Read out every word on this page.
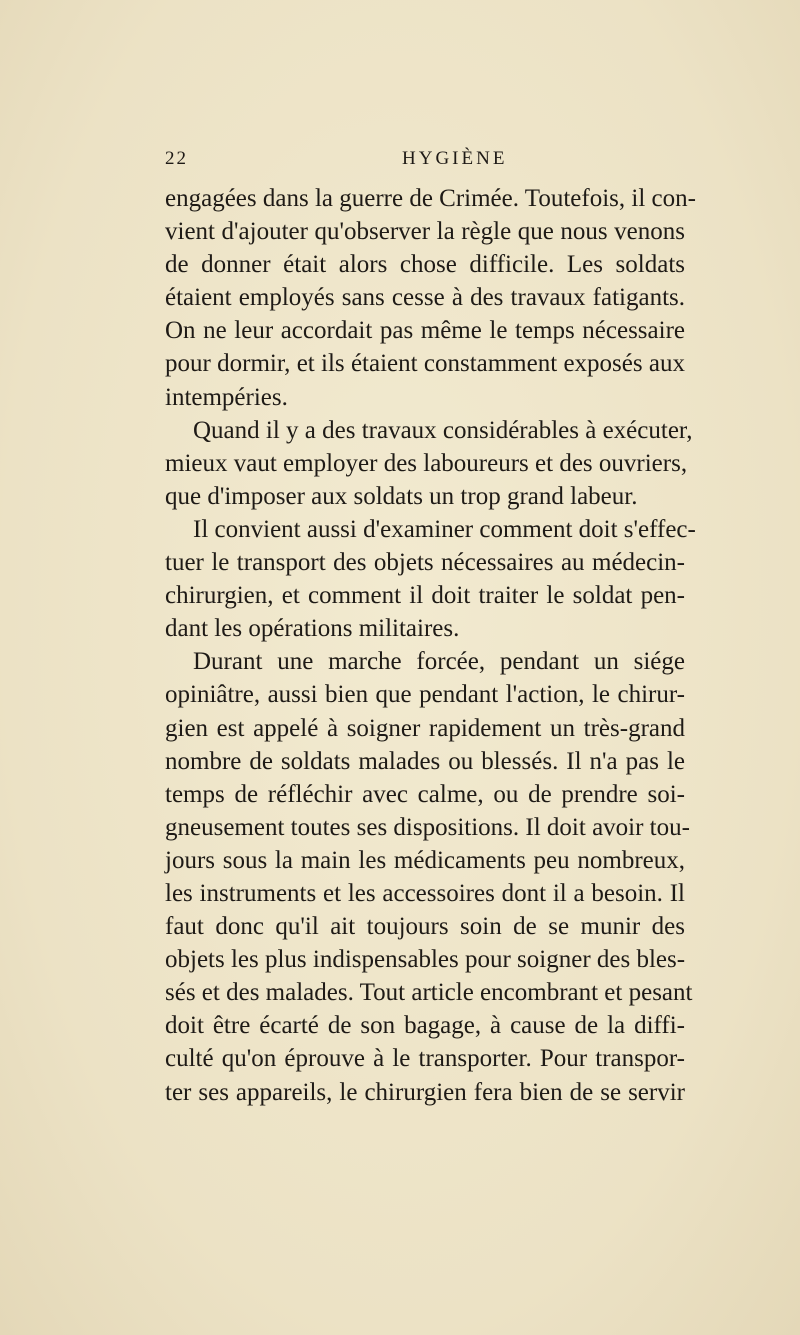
22	HYGIÈNE
engagées dans la guerre de Crimée. Toutefois, il con-
vient d'ajouter qu'observer la règle que nous venons
de donner était alors chose difficile. Les soldats
étaient employés sans cesse à des travaux fatigants.
On ne leur accordait pas même le temps nécessaire
pour dormir, et ils étaient constamment exposés aux
intempéries.
Quand il y a des travaux considérables à exécuter,
mieux vaut employer des laboureurs et des ouvriers,
que d'imposer aux soldats un trop grand labeur.
Il convient aussi d'examiner comment doit s'effec-
tuer le transport des objets nécessaires au médecin-
chirurgien, et comment il doit traiter le soldat pen-
dant les opérations militaires.
Durant une marche forcée, pendant un siége
opiniâtre, aussi bien que pendant l'action, le chirur-
gien est appelé à soigner rapidement un très-grand
nombre de soldats malades ou blessés. Il n'a pas le
temps de réfléchir avec calme, ou de prendre soi-
gneusement toutes ses dispositions. Il doit avoir tou-
jours sous la main les médicaments peu nombreux,
les instruments et les accessoires dont il a besoin. Il
faut donc qu'il ait toujours soin de se munir des
objets les plus indispensables pour soigner des bles-
sés et des malades. Tout article encombrant et pesant
doit être écarté de son bagage, à cause de la diffi-
culté qu'on éprouve à le transporter. Pour transpor-
ter ses appareils, le chirurgien fera bien de se servir
